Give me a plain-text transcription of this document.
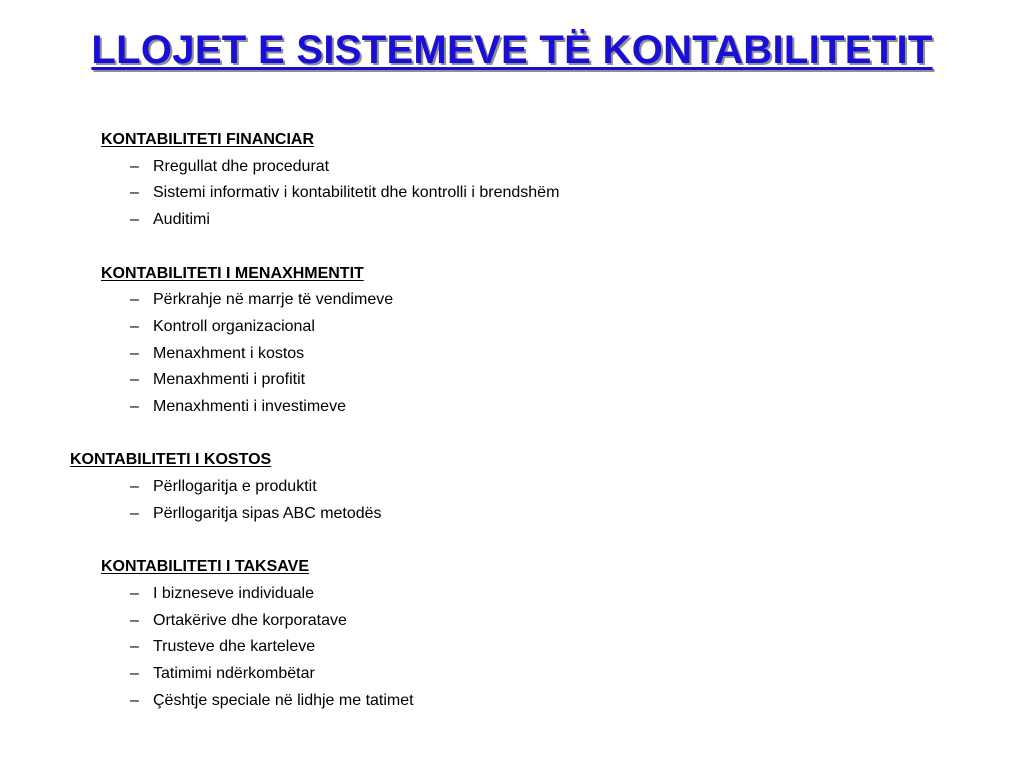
LLOJET E SISTEMEVE TË KONTABILITETIT
KONTABILITETI FINANCIAR
– Rregullat dhe procedurat
– Sistemi informativ i kontabilitetit dhe kontrolli i brendshëm
– Auditimi
KONTABILITETI I MENAXHMENTIT
– Përkrahje në marrje të vendimeve
– Kontroll organizacional
– Menaxhment i kostos
– Menaxhmenti i profitit
– Menaxhmenti i investimeve
KONTABILITETI I KOSTOS
– Përllogaritja e produktit
– Përllogaritja sipas ABC metodës
KONTABILITETI I TAKSAVE
– I bizneseve individuale
– Ortakërive dhe korporatave
– Trusteve dhe karteleve
– Tatimimi ndërkombëtar
– Çështje speciale në lidhje me tatimet
